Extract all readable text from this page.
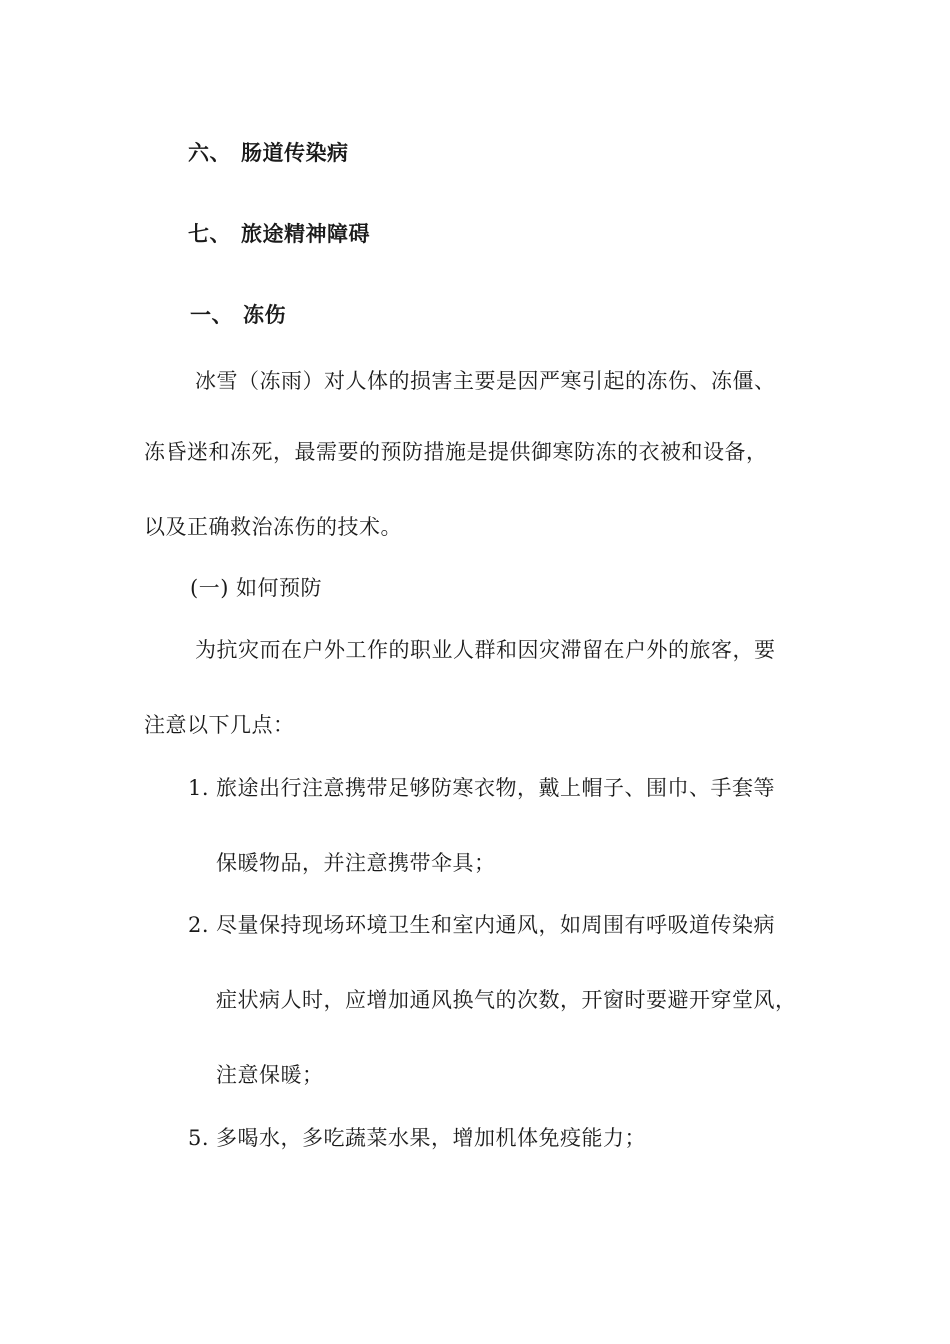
六、 肠道传染病
七、 旅途精神障碍
一、 冻伤
冰雪（冻雨）对人体的损害主要是因严寒引起的冻伤、冻僵、
冻昏迷和冻死，最需要的预防措施是提供御寒防冻的衣被和设备，
以及正确救治冻伤的技术。
(一) 如何预防
为抗灾而在户外工作的职业人群和因灾滞留在户外的旅客，要
注意以下几点：
1. 旅途出行注意携带足够防寒衣物，戴上帽子、围巾、手套等
保暖物品，并注意携带伞具；
2. 尽量保持现场环境卫生和室内通风，如周围有呼吸道传染病
症状病人时，应增加通风换气的次数，开窗时要避开穿堂风，
注意保暖；
5. 多喝水，多吃蔬菜水果，增加机体免疫能力；
